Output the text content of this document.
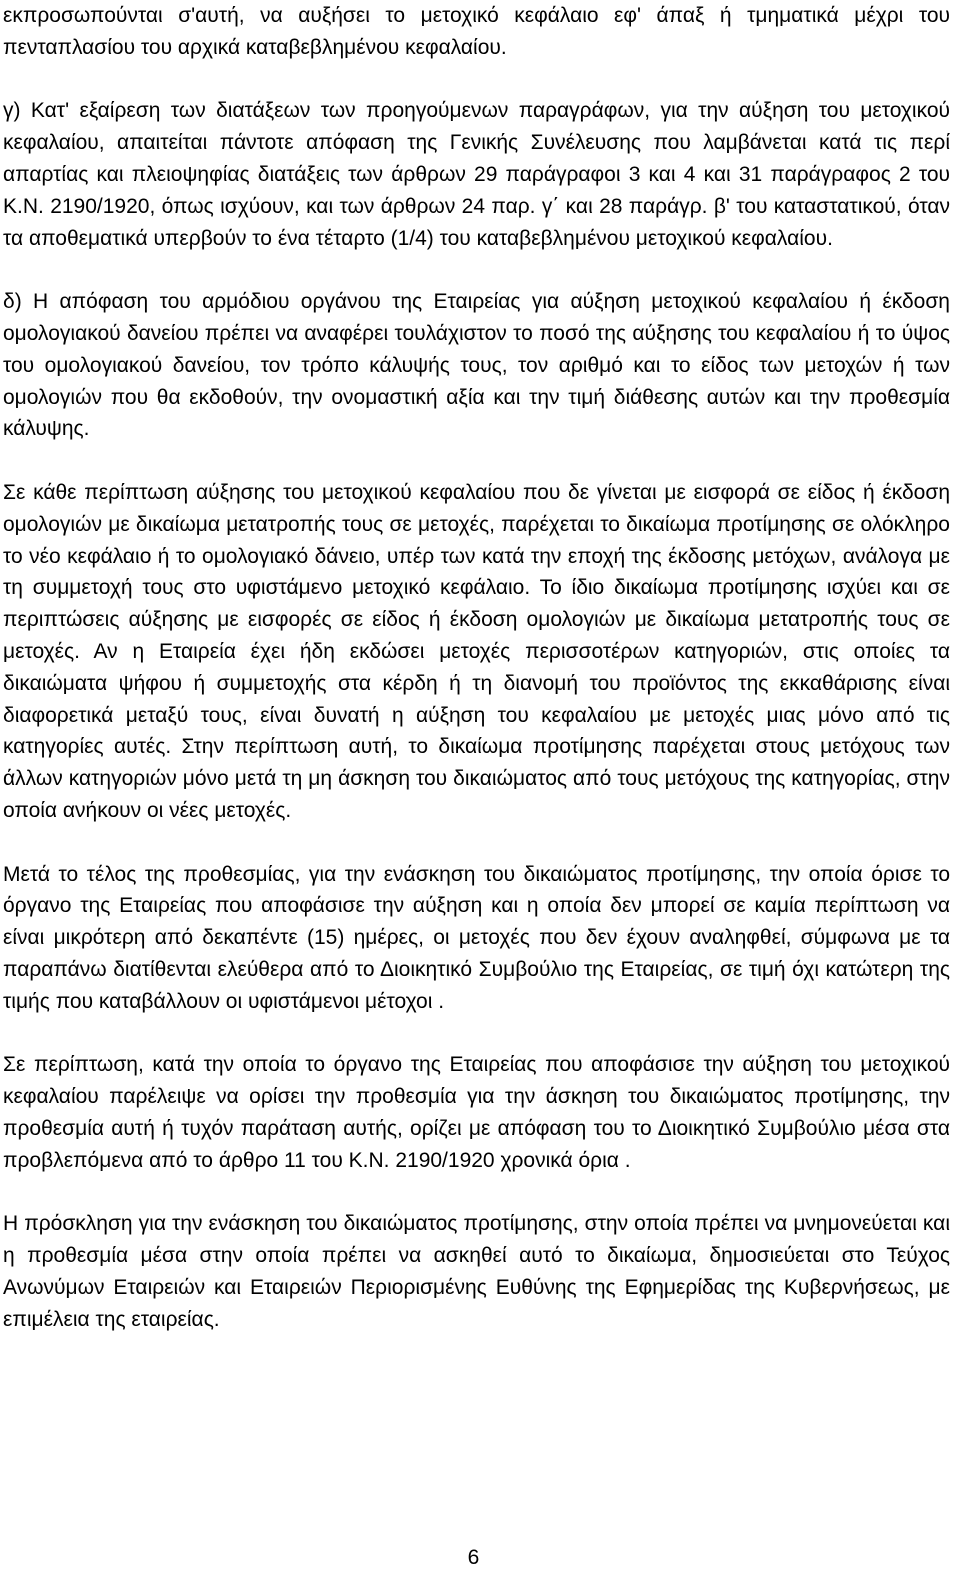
εκπροσωπούνται σ'αυτή, να αυξήσει το μετοχικό κεφάλαιο εφ' άπαξ ή τμηματικά μέχρι του πενταπλασίου του αρχικά καταβεβλημένου κεφαλαίου.

γ) Κατ' εξαίρεση των διατάξεων των προηγούμενων παραγράφων, για την αύξηση του μετοχικού κεφαλαίου, απαιτείται πάντοτε απόφαση της Γενικής Συνέλευσης που λαμβάνεται κατά τις περί απαρτίας και πλειοψηφίας διατάξεις των άρθρων 29 παράγραφοι 3 και 4 και 31 παράγραφος 2 του Κ.Ν. 2190/1920, όπως ισχύουν, και των άρθρων 24 παρ. γ΄ και 28 παράγρ. β' του καταστατικού, όταν τα αποθεματικά υπερβούν το ένα τέταρτο (1/4) του καταβεβλημένου μετοχικού κεφαλαίου.

δ) Η απόφαση του αρμόδιου οργάνου της Εταιρείας για αύξηση μετοχικού κεφαλαίου ή έκδοση ομολογιακού δανείου πρέπει να αναφέρει τουλάχιστον το ποσό της αύξησης του κεφαλαίου ή το ύψος του ομολογιακού δανείου, τον τρόπο κάλυψής τους, τον αριθμό και το είδος των μετοχών ή των ομολογιών που θα εκδοθούν, την ονομαστική αξία και την τιμή διάθεσης αυτών και την προθεσμία κάλυψης.

Σε κάθε περίπτωση αύξησης του μετοχικού κεφαλαίου που δε γίνεται με εισφορά σε είδος ή έκδοση ομολογιών με δικαίωμα μετατροπής τους σε μετοχές, παρέχεται το δικαίωμα προτίμησης σε ολόκληρο το νέο κεφάλαιο ή το ομολογιακό δάνειο, υπέρ των κατά την εποχή της έκδοσης μετόχων, ανάλογα με τη συμμετοχή τους στο υφιστάμενο μετοχικό κεφάλαιο. Το ίδιο δικαίωμα προτίμησης ισχύει και σε περιπτώσεις αύξησης με εισφορές σε είδος ή έκδοση ομολογιών με δικαίωμα μετατροπής τους σε μετοχές. Αν η Εταιρεία έχει ήδη εκδώσει μετοχές περισσοτέρων κατηγοριών, στις οποίες τα δικαιώματα ψήφου ή συμμετοχής στα κέρδη ή τη διανομή του προϊόντος της εκκαθάρισης είναι διαφορετικά μεταξύ τους, είναι δυνατή η αύξηση του κεφαλαίου με μετοχές μιας μόνο από τις κατηγορίες αυτές. Στην περίπτωση αυτή, το δικαίωμα προτίμησης παρέχεται στους μετόχους των άλλων κατηγοριών μόνο μετά τη μη άσκηση του δικαιώματος από τους μετόχους της κατηγορίας, στην οποία ανήκουν οι νέες μετοχές.

Μετά το τέλος της προθεσμίας, για την ενάσκηση του δικαιώματος προτίμησης, την οποία όρισε το όργανο της Εταιρείας που αποφάσισε την αύξηση και η οποία δεν μπορεί σε καμία περίπτωση να είναι μικρότερη από δεκαπέντε (15) ημέρες, οι μετοχές που δεν έχουν αναληφθεί, σύμφωνα με τα παραπάνω διατίθενται ελεύθερα από το Διοικητικό Συμβούλιο της Εταιρείας, σε τιμή όχι κατώτερη της τιμής που καταβάλλουν οι υφιστάμενοι μέτοχοι .

Σε περίπτωση, κατά την οποία το όργανο της Εταιρείας που αποφάσισε την αύξηση του μετοχικού κεφαλαίου παρέλειψε να ορίσει την προθεσμία για την άσκηση του δικαιώματος προτίμησης, την προθεσμία αυτή ή τυχόν παράταση αυτής, ορίζει με απόφαση του το Διοικητικό Συμβούλιο μέσα στα προβλεπόμενα από το άρθρο 11 του Κ.Ν. 2190/1920 χρονικά όρια .

Η πρόσκληση για την ενάσκηση του δικαιώματος προτίμησης, στην οποία πρέπει να μνημονεύεται και η προθεσμία μέσα στην οποία πρέπει να ασκηθεί αυτό το δικαίωμα, δημοσιεύεται στο Τεύχος Ανωνύμων Εταιρειών και Εταιρειών Περιορισμένης Ευθύνης της Εφημερίδας της Κυβερνήσεως, με επιμέλεια της εταιρείας.

6
